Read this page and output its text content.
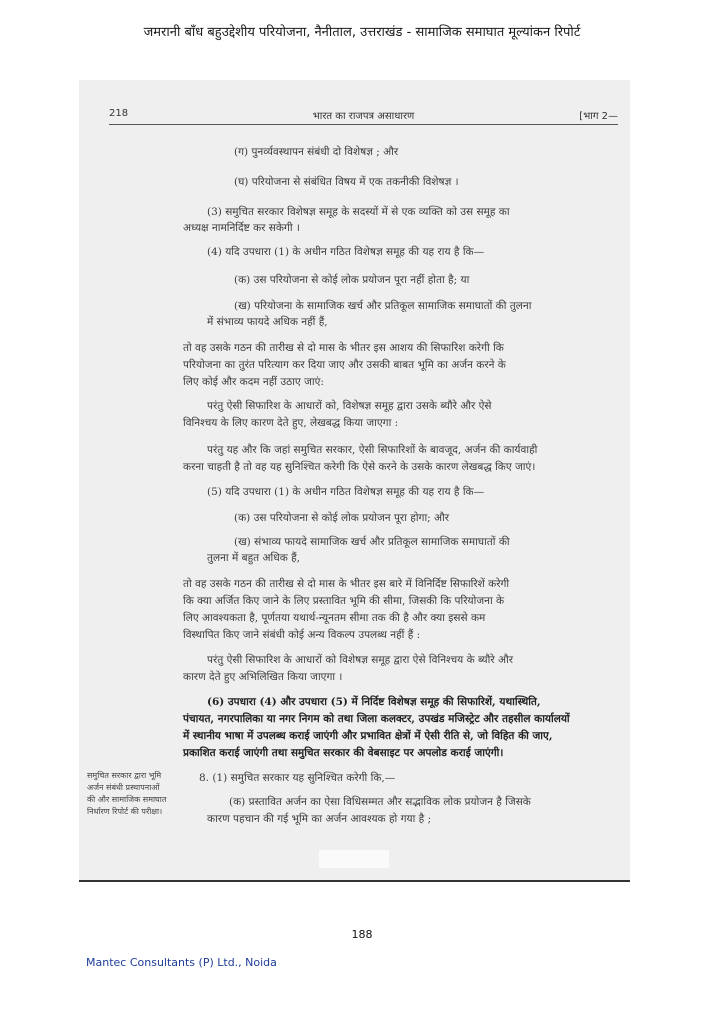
जमरानी बाँध बहुउद्देशीय परियोजना, नैनीताल, उत्तराखंड - सामाजिक समाघात मूल्यांकन रिपोर्ट
218	भारत का राजपत्र असाधारण	[भाग 2—
(ग) पुनर्व्यवस्थापन संबंधी दो विशेषज्ञ ; और
(घ) परियोजना से संबंधित विषय में एक तकनीकी विशेषज्ञ ।
(3) समुचित सरकार विशेषज्ञ समूह के सदस्यों में से एक व्यक्ति को उस समूह का
अध्यक्ष नामनिर्दिष्ट कर सकेगी ।
(4) यदि उपधारा (1) के अधीन गठित विशेषज्ञ समूह की यह राय है कि—
(क) उस परियोजना से कोई लोक प्रयोजन पूरा नहीं होता है; या
(ख) परियोजना के सामाजिक खर्च और प्रतिकूल सामाजिक समाघातों की तुलना
में संभाव्य फायदे अधिक नहीं हैं,
तो वह उसके गठन की तारीख से दो मास के भीतर इस आशय की सिफारिश करेगी कि
परियोजना का तुरंत परित्याग कर दिया जाए और उसकी बाबत भूमि का अर्जन करने के
लिए कोई और कदम नहीं उठाए जाएं:
परंतु ऐसी सिफारिश के आधारों को, विशेषज्ञ समूह द्वारा उसके ब्यौरे और ऐसे
विनिश्चय के लिए कारण देते हुए, लेखबद्ध किया जाएगा :
परंतु यह और कि जहां समुचित सरकार, ऐसी सिफारिशों के बावजूद, अर्जन की कार्यवाही
करना चाहती है तो वह यह सुनिश्चित करेगी कि ऐसे करने के उसके कारण लेखबद्ध किए जाएं।
(5) यदि उपधारा (1) के अधीन गठित विशेषज्ञ समूह की यह राय है कि—
(क) उस परियोजना से कोई लोक प्रयोजन पूरा होगा; और
(ख) संभाव्य फायदे सामाजिक खर्च और प्रतिकूल सामाजिक समाघातों की
तुलना में बहुत अधिक हैं,
तो वह उसके गठन की तारीख से दो मास के भीतर इस बारे में विनिर्दिष्ट सिफारिशें करेगी
कि क्या अर्जित किए जाने के लिए प्रस्तावित भूमि की सीमा, जिसकी कि परियोजना के
लिए आवश्यकता है, पूर्णतया यथार्थ-न्यूनतम सीमा तक की है और क्या इससे कम
विस्थापित किए जाने संबंधी कोई अन्य विकल्प उपलब्ध नहीं हैं :
परंतु ऐसी सिफारिश के आधारों को विशेषज्ञ समूह द्वारा ऐसे विनिश्चय के ब्यौरे और
कारण देते हुए अभिलिखित किया जाएगा ।
(6) उपधारा (4) और उपधारा (5) में निर्दिष्ट विशेषज्ञ समूह की सिफारिशें, यथास्थिति,
पंचायत, नगरपालिका या नगर निगम को तथा जिला कलक्टर, उपखंड मजिस्ट्रेट और तहसील कार्यालयों
में स्थानीय भाषा में उपलब्ध कराई जाएंगी और प्रभावित क्षेत्रों में ऐसी रीति से, जो विहित की जाए,
प्रकाशित कराई जाएंगी तथा समुचित सरकार की वेबसाइट पर अपलोड कराई जाएंगी।
8. (1) समुचित सरकार यह सुनिश्चित करेगी कि,—
(क) प्रस्तावित अर्जन का ऐसा विधिसम्मत और सद्भाविक लोक प्रयोजन है जिसके
कारण पहचान की गई भूमि का अर्जन आवश्यक हो गया है ;
समुचित सरकार द्वारा भूमि अर्जन संबंधी प्रस्थापनाओं की और सामाजिक समाघात निर्धारण रिपोर्ट की परीक्षा।
188
Mantec Consultants (P) Ltd., Noida
